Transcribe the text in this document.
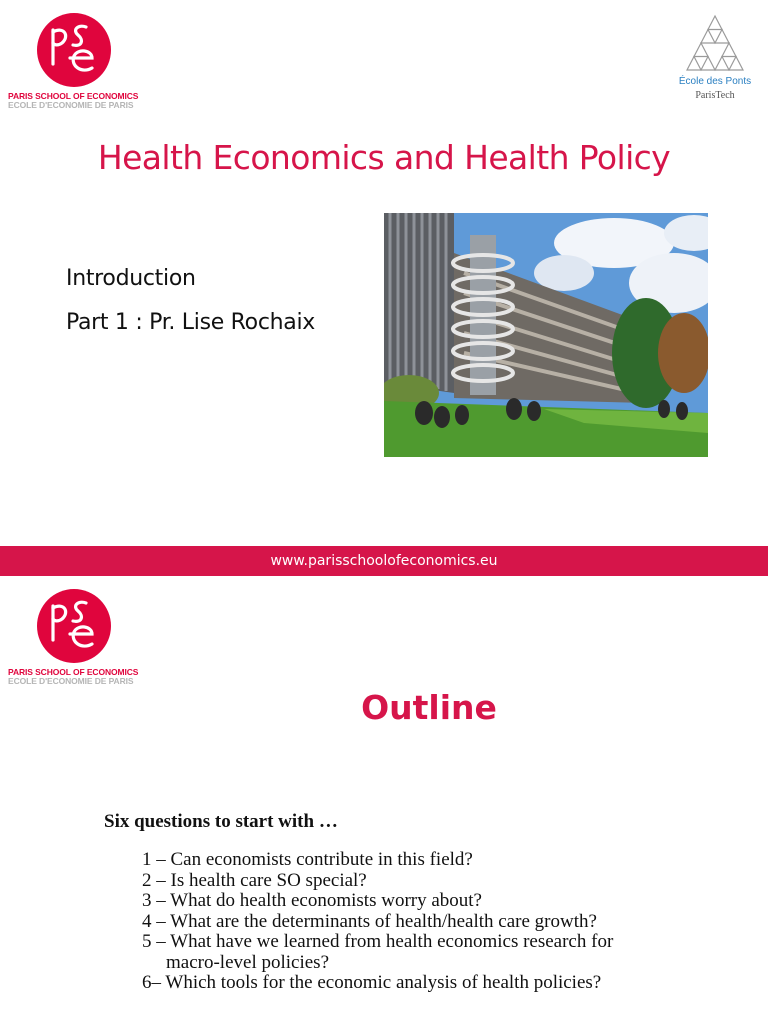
PARIS SCHOOL OF ECONOMICS
ECOLE D'ECONOMIE DE PARIS
École des Ponts
ParisTech
Health Economics and Health Policy
Introduction
Part 1 : Pr. Lise Rochaix
www.parisschoolofeconomics.eu
PARIS SCHOOL OF ECONOMICS
ECOLE D'ECONOMIE DE PARIS
Outline
Six questions to start with …
1 – Can economists contribute in this field?
2 – Is health care SO special?
3 – What do health economists worry about?
4 – What are the determinants of health/health care growth?
5 – What have we learned from health economics research for
macro-level policies?
6– Which tools for the economic analysis of health policies?
